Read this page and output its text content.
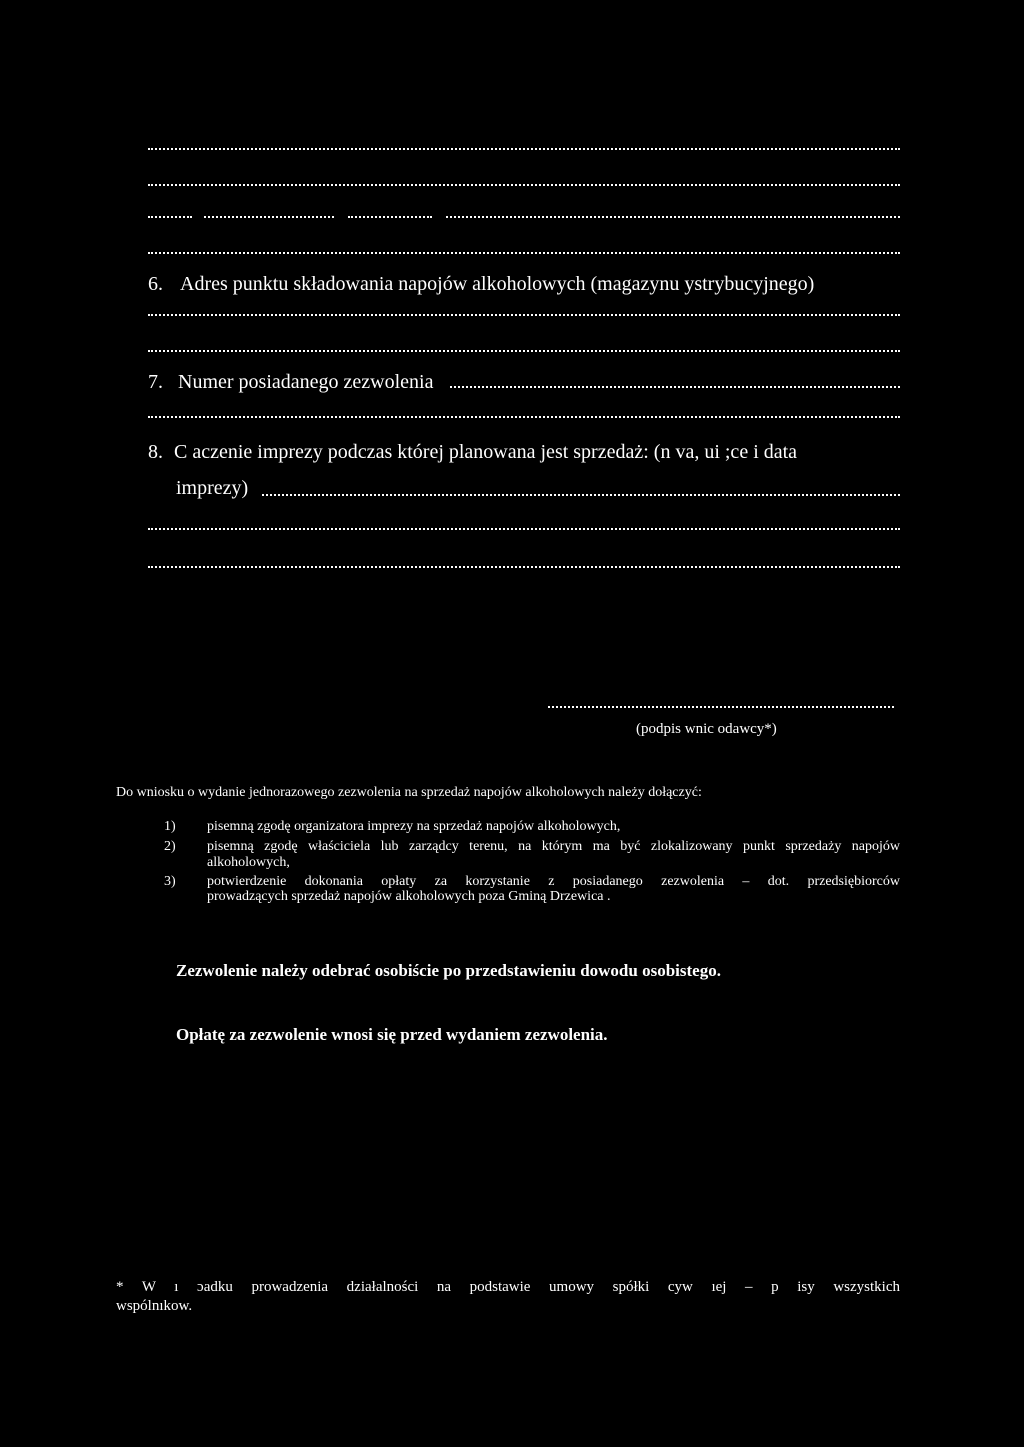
6. Adres punktu składowania napojów alkoholowych (magazynu ystrybucyjnego)
7. Numer posiadanego zezwolenia
8. C aczenie imprezy podczas której planowana jest sprzedaż: (n va, ui ;ce i data
imprezy)
(podpis wnic odawcy*)
Do wniosku o wydanie jednorazowego zezwolenia na sprzedaż napojów alkoholowych należy dołączyć:
1) pisemną zgodę organizatora imprezy na sprzedaż napojów alkoholowych,
2) pisemną zgodę właściciela lub zarządcy terenu, na którym ma być zlokalizowany punkt sprzedaży napojów
alkoholowych,
3) potwierdzenie dokonania opłaty za korzystanie z posiadanego zezwolenia – dot. przedsiębiorców
prowadzących sprzedaż napojów alkoholowych poza Gminą Drzewica .
Zezwolenie należy odebrać osobiście po przedstawieniu dowodu osobistego.
Opłatę za zezwolenie wnosi się przed wydaniem zezwolenia.
* W ı ɔadku prowadzenia działalności na podstawie umowy spółki cyw ıej – p isy wszystkich
wspólnıkow.
